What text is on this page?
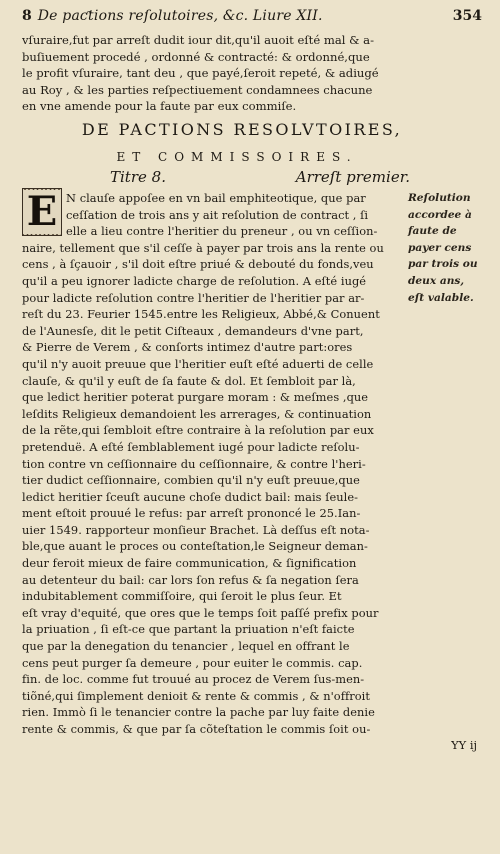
8 De paƈtions reſolutoires, &c. Liure XII.	354
vſuraire,fut par arreſt dudit iour dit,qu'il auoit eſté mal & a-
buſiuement procedé , ordonné & contracté: & ordonné,que
le profit vſuraire, tant deu , que payé,ſeroit repeté, & adiugé
au Roy , & les parties reſpectiuement condamnees chacune
en vne amende pour la faute par eux commiſe.
DE PACTIONS RESOLVTOIRES,
ET COMMISSOIRES.
Titre 8.	Arreſt premier.
E N clauſe appoſee en vn bail emphiteotique, que par
ceſſation de trois ans y ait reſolution de contract , ſi
elle a lieu contre l'heritier du preneur , ou vn ceſſion-
naire, tellement que s'il ceſſe à payer par trois ans la rente ou
cens , à ſçauoir , s'il doit eſtre priué & debouté du fonds,veu
qu'il a peu ignorer ladicte charge de reſolution. A eſté iugé
pour ladicte reſolution contre l'heritier de l'heritier par ar-
reſt du 23. Feurier 1545.entre les Religieux, Abbé,& Conuent
de l'Aunesſe, dit le petit Ciſteaux , demandeurs d'vne part,
& Pierre de Verem , & conſorts intimez d'autre part:ores
qu'il n'y auoit preuue que l'heritier euſt eſté aduerti de celle
clauſe, & qu'il y euſt de ſa faute & dol. Et ſembloit par là,
que ledict heritier poterat purgare moram : & meſmes ,que
leſdits Religieux demandoient les arrerages, & continuation
de la rẽte,qui ſembloit eſtre contraire à la reſolution par eux
pretenduë. A eſté ſemblablement iugé pour ladicte reſolu-
tion contre vn ceſſionnaire du ceſſionnaire, & contre l'heri-
tier dudict ceſſionnaire, combien qu'il n'y euſt preuue,que
ledict heritier ſceuſt aucune choſe dudict bail: mais ſeule-
ment eſtoit prouué le refus: par arreſt prononcé le 25.Ian-
uier 1549. rapporteur monſieur Brachet. Là deſſus eſt nota-
ble,que auant le proces ou conteſtation,le Seigneur deman-
deur feroit mieux de faire communication, & ſignification
au detenteur du bail: car lors ſon refus & ſa negation ſera
indubitablement commiſſoire, qui ſeroit le plus ſeur. Et
eſt vray d'equité, que ores que le temps ſoit paſſé prefix pour
la priuation , ſi eſt-ce que partant la priuation n'eſt faicte
que par la denegation du tenancier , lequel en offrant le
cens peut purger ſa demeure , pour euiter le commis. cap.
fin. de loc. comme fut trouué au procez de Verem ſus-men-
tiõné,qui ſimplement denioit & rente & commis , & n'offroit
rien. Immò ſi le tenancier contre la pache par luy faite denie
rente & commis, & que par ſa cõteſtation le commis ſoit ou-
Reſolution
accordee à
faute de
payer cens
par trois ou
deux ans,
eſt valable.
YY ij
